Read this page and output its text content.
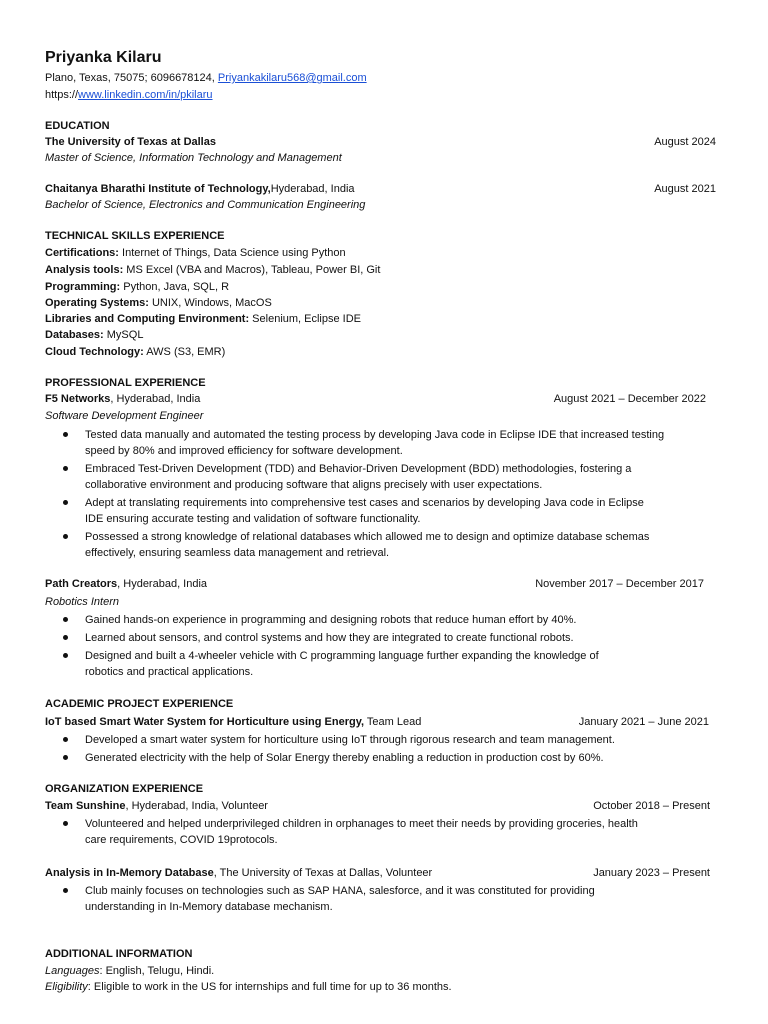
Priyanka Kilaru
Plano, Texas, 75075; 6096678124, Priyankakilaru568@gmail.com
https://www.linkedin.com/in/pkilaru
EDUCATION
The University of Texas at Dallas	August 2024
Master of Science, Information Technology and Management
Chaitanya Bharathi Institute of Technology,Hyderabad, India	August 2021
Bachelor of Science, Electronics and Communication Engineering
TECHNICAL SKILLS EXPERIENCE
Certifications: Internet of Things, Data Science using Python
Analysis tools: MS Excel (VBA and Macros), Tableau, Power BI, Git
Programming: Python, Java, SQL, R
Operating Systems: UNIX, Windows, MacOS
Libraries and Computing Environment: Selenium, Eclipse IDE
Databases: MySQL
Cloud Technology: AWS (S3, EMR)
PROFESSIONAL EXPERIENCE
F5 Networks, Hyderabad, India	August 2021 – December 2022
Software Development Engineer
Tested data manually and automated the testing process by developing Java code in Eclipse IDE that increased testing
speed by 80% and improved efficiency for software development.
Embraced Test-Driven Development (TDD) and Behavior-Driven Development (BDD) methodologies, fostering a
collaborative environment and producing software that aligns precisely with user expectations.
Adept at translating requirements into comprehensive test cases and scenarios by developing Java code in Eclipse
IDE ensuring accurate testing and validation of software functionality.
Possessed a strong knowledge of relational databases which allowed me to design and optimize database schemas
effectively, ensuring seamless data management and retrieval.
Path Creators, Hyderabad, India	November 2017 – December 2017
Robotics Intern
Gained hands-on experience in programming and designing robots that reduce human effort by 40%.
Learned about sensors, and control systems and how they are integrated to create functional robots.
Designed and built a 4-wheeler vehicle with C programming language further expanding the knowledge of
robotics and practical applications.
ACADEMIC PROJECT EXPERIENCE
IoT based Smart Water System for Horticulture using Energy, Team Lead	January 2021 – June 2021
Developed a smart water system for horticulture using IoT through rigorous research and team management.
Generated electricity with the help of Solar Energy thereby enabling a reduction in production cost by 60%.
ORGANIZATION EXPERIENCE
Team Sunshine, Hyderabad, India, Volunteer	October 2018 – Present
Volunteered and helped underprivileged children in orphanages to meet their needs by providing groceries, health
care requirements, COVID 19protocols.
Analysis in In-Memory Database, The University of Texas at Dallas, Volunteer	January 2023 – Present
Club mainly focuses on technologies such as SAP HANA, salesforce, and it was constituted for providing
understanding in In-Memory database mechanism.
ADDITIONAL INFORMATION
Languages: English, Telugu, Hindi.
Eligibility: Eligible to work in the US for internships and full time for up to 36 months.
